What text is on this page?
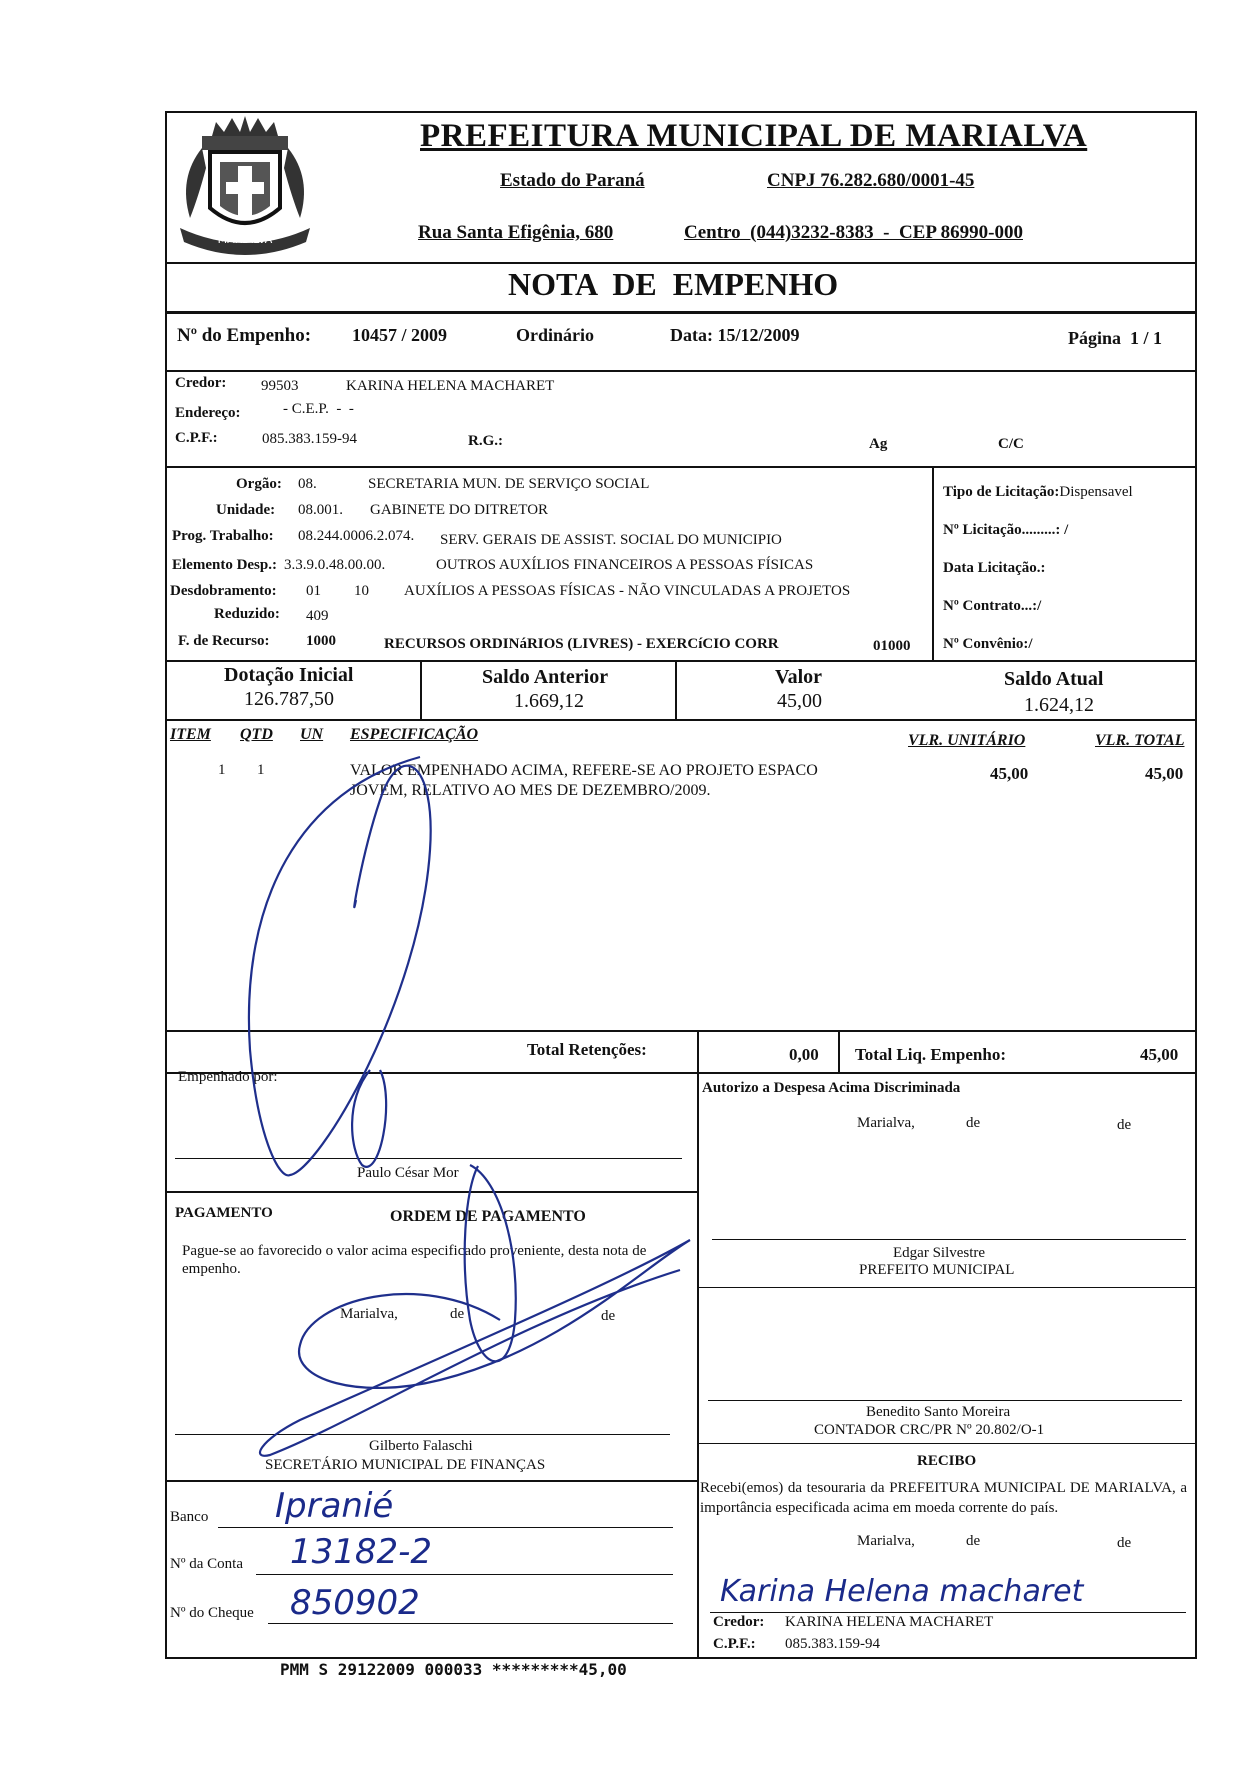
MARIALVA
PREFEITURA MUNICIPAL DE MARIALVA
Estado do Paraná	CNPJ 76.282.680/0001-45
Rua Santa Efigênia, 680	Centro  (044)3232-8383  -  CEP 86990-000
NOTA  DE  EMPENHO
Nº do Empenho: 10457 / 2009	Ordinário	Data: 15/12/2009	Página  1 / 1
Credor: 99503	KARINA HELENA MACHARET
Endereço:	- C.E.P.  -  -
C.P.F.:	085.383.159-94	R.G.:	Ag	C/C
Orgão: 08.	SECRETARIA MUN. DE SERVIÇO SOCIAL
Unidade: 08.001. GABINETE DO DITRETOR
Prog. Trabalho: 08.244.0006.2.074. SERV. GERAIS DE ASSIST. SOCIAL DO MUNICIPIO
Elemento Desp.: 3.3.9.0.48.00.00.	OUTROS AUXÍLIOS FINANCEIROS A PESSOAS FÍSICAS
Desdobramento: 01 10 AUXÍLIOS A PESSOAS FÍSICAS - NÃO VINCULADAS A PROJETOS
Reduzido: 409
F. de Recurso: 1000	RECURSOS ORDINáRIOS (LIVRES) - EXERCíCIO CORR	01000
Tipo de Licitação:Dispensavel
Nº Licitação.........: /
Data Licitação.:
Nº Contrato...:/
Nº Convênio:/
Dotação Inicial
126.787,50
Saldo Anterior
1.669,12
Valor
45,00
Saldo Atual
1.624,12
ITEM QTD UN ESPECIFICAÇÃO	VLR. UNITÁRIO	VLR. TOTAL
1 1	VALOR EMPENHADO ACIMA, REFERE-SE AO PROJETO ESPACO
JOVEM, RELATIVO AO MES DE DEZEMBRO/2009.
45,00	45,00
Total Retenções:	0,00 Total Liq. Empenho:	45,00
Empenhado por:
Paulo César Mor
Autorizo a Despesa Acima Discriminada
Marialva,	de	de
Edgar Silvestre
PREFEITO MUNICIPAL
Benedito Santo Moreira
CONTADOR CRC/PR Nº 20.802/O-1
PAGAMENTO	ORDEM DE PAGAMENTO
Pague-se ao favorecido o valor acima especificado proveniente, desta nota de empenho.
Marialva,	de	de
Gilberto Falaschi
SECRETÁRIO MUNICIPAL DE FINANÇAS
Banco Ipranié
Nº da Conta 13182-2
Nº do Cheque 850902
RECIBO
Recebi(emos) da tesouraria da PREFEITURA MUNICIPAL DE MARIALVA, a importância especificada acima em moeda corrente do país.
Marialva,	de	de
Karina Helena macharet
Credor: KARINA HELENA MACHARET
C.P.F.: 085.383.159-94
PMM S 29122009 000033 *********45,00
